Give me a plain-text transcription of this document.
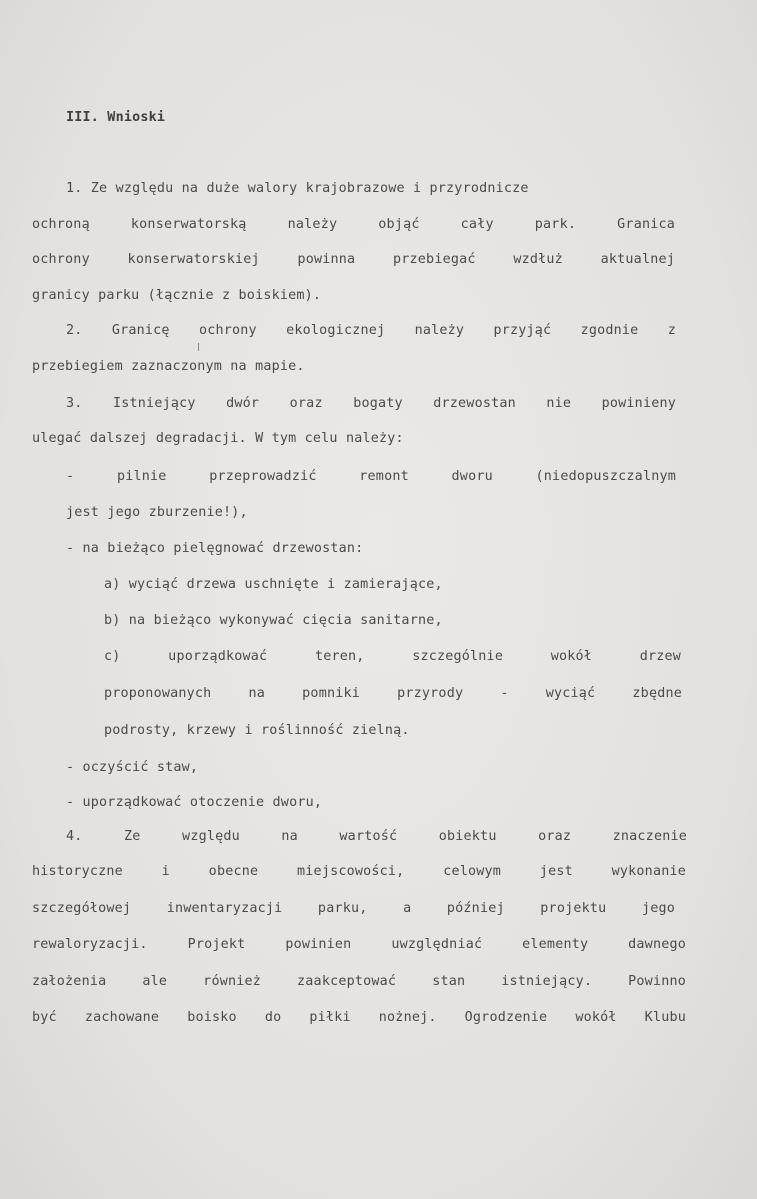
III. Wnioski
1. Ze względu na duże walory krajobrazowe i przyrodnicze
ochroną konserwatorską należy objąć cały park. Granica
ochrony konserwatorskiej powinna przebiegać wzdłuż aktualnej
granicy parku (łącznie z boiskiem).
2. Granicę ochrony ekologicznej należy przyjąć zgodnie z
przebiegiem zaznaczonym na mapie.
3. Istniejący dwór oraz bogaty drzewostan nie powinieny
ulegać dalszej degradacji. W tym celu należy:
- pilnie przeprowadzić remont dworu (niedopuszczalnym
jest jego zburzenie!),
- na bieżąco pielęgnować drzewostan:
a) wyciąć drzewa uschnięte i zamierające,
b) na bieżąco wykonywać cięcia sanitarne,
c) uporządkować teren, szczególnie wokół drzew
proponowanych na pomniki przyrody - wyciąć zbędne
podrosty, krzewy i roślinność zielną.
- oczyścić staw,
- uporządkować otoczenie dworu,
4. Ze względu na wartość obiektu oraz znaczenie
historyczne i obecne miejscowości, celowym jest wykonanie
szczegółowej inwentaryzacji parku, a później projektu jego
rewaloryzacji. Projekt powinien uwzględniać elementy dawnego
założenia ale również zaakceptować stan istniejący. Powinno
być zachowane boisko do piłki nożnej. Ogrodzenie wokół Klubu
